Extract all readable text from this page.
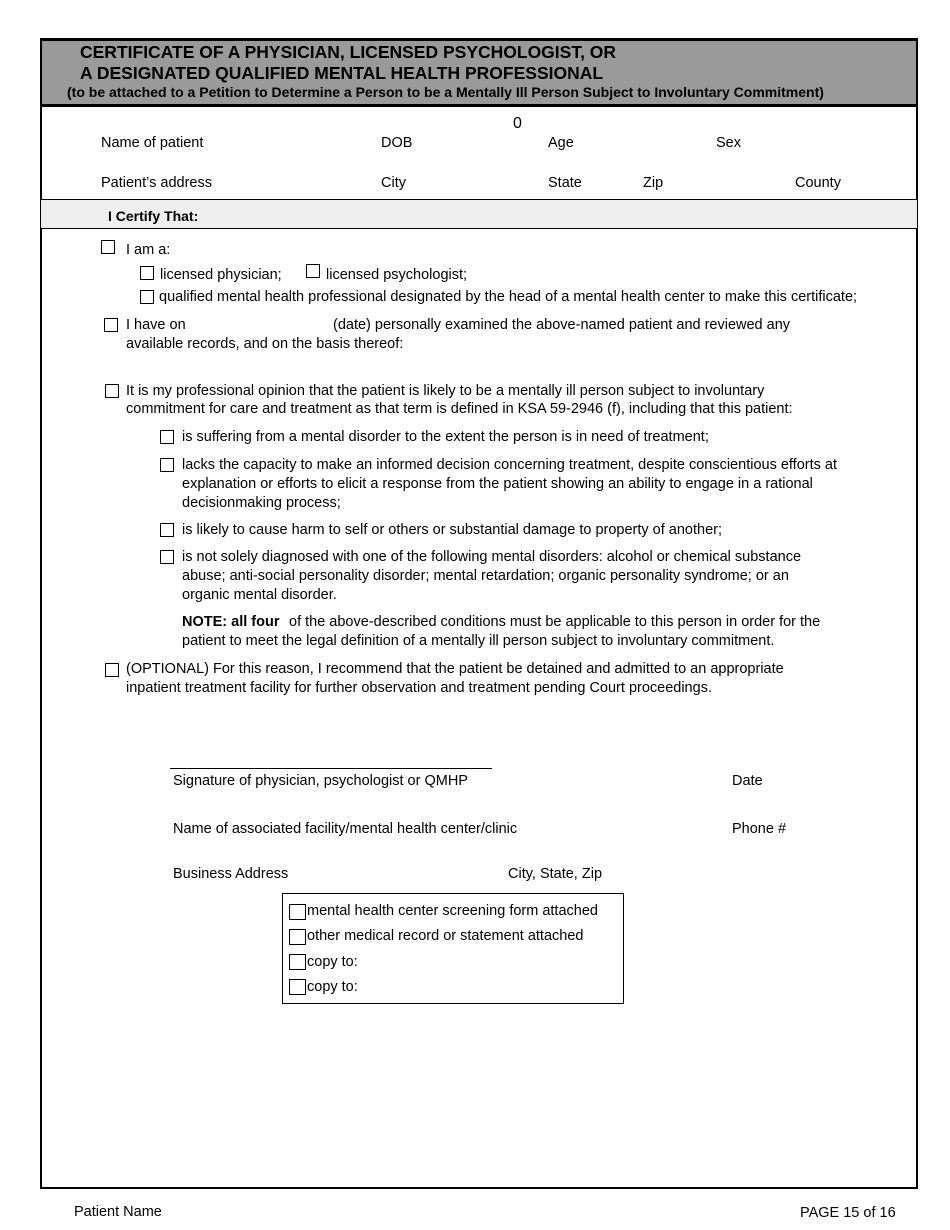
CERTIFICATE OF A PHYSICIAN, LICENSED PSYCHOLOGIST, OR
A DESIGNATED QUALIFIED MENTAL HEALTH PROFESSIONAL
(to be attached to a Petition to Determine a Person to be a Mentally Ill Person Subject to Involuntary Commitment)
0
Name of patient	DOB	Age	Sex
Patient’s address	City	State	Zip	County
I Certify That:
I am a:
licensed physician;	licensed psychologist;
qualified mental health professional designated by the head of a mental health center to make this certificate;
I have on	(date) personally examined the above-named patient and reviewed any
available records, and on the basis thereof:
It is my professional opinion that the patient is likely to be a mentally ill person subject to involuntary
commitment for care and treatment as that term is defined in KSA 59-2946 (f), including that this patient:
is suffering from a mental disorder to the extent the person is in need of treatment;
lacks the capacity to make an informed decision concerning treatment, despite conscientious efforts at
explanation or efforts to elicit a response from the patient showing an ability to engage in a rational
decisionmaking process;
is likely to cause harm to self or others or substantial damage to property of another;
is not solely diagnosed with one of the following mental disorders: alcohol or chemical substance
abuse; anti-social personality disorder; mental retardation; organic personality syndrome; or an
organic mental disorder.
NOTE: all four of the above-described conditions must be applicable to this person in order for the
patient to meet the legal definition of a mentally ill person subject to involuntary commitment.
(OPTIONAL) For this reason, I recommend that the patient be detained and admitted to an appropriate
inpatient treatment facility for further observation and treatment pending Court proceedings.
Signature of physician, psychologist or QMHP	Date
Name of associated facility/mental health center/clinic	Phone #
Business Address	City, State, Zip
mental health center screening form attached
other medical record or statement attached
copy to:
copy to:
Patient Name	PAGE 15 of 16
